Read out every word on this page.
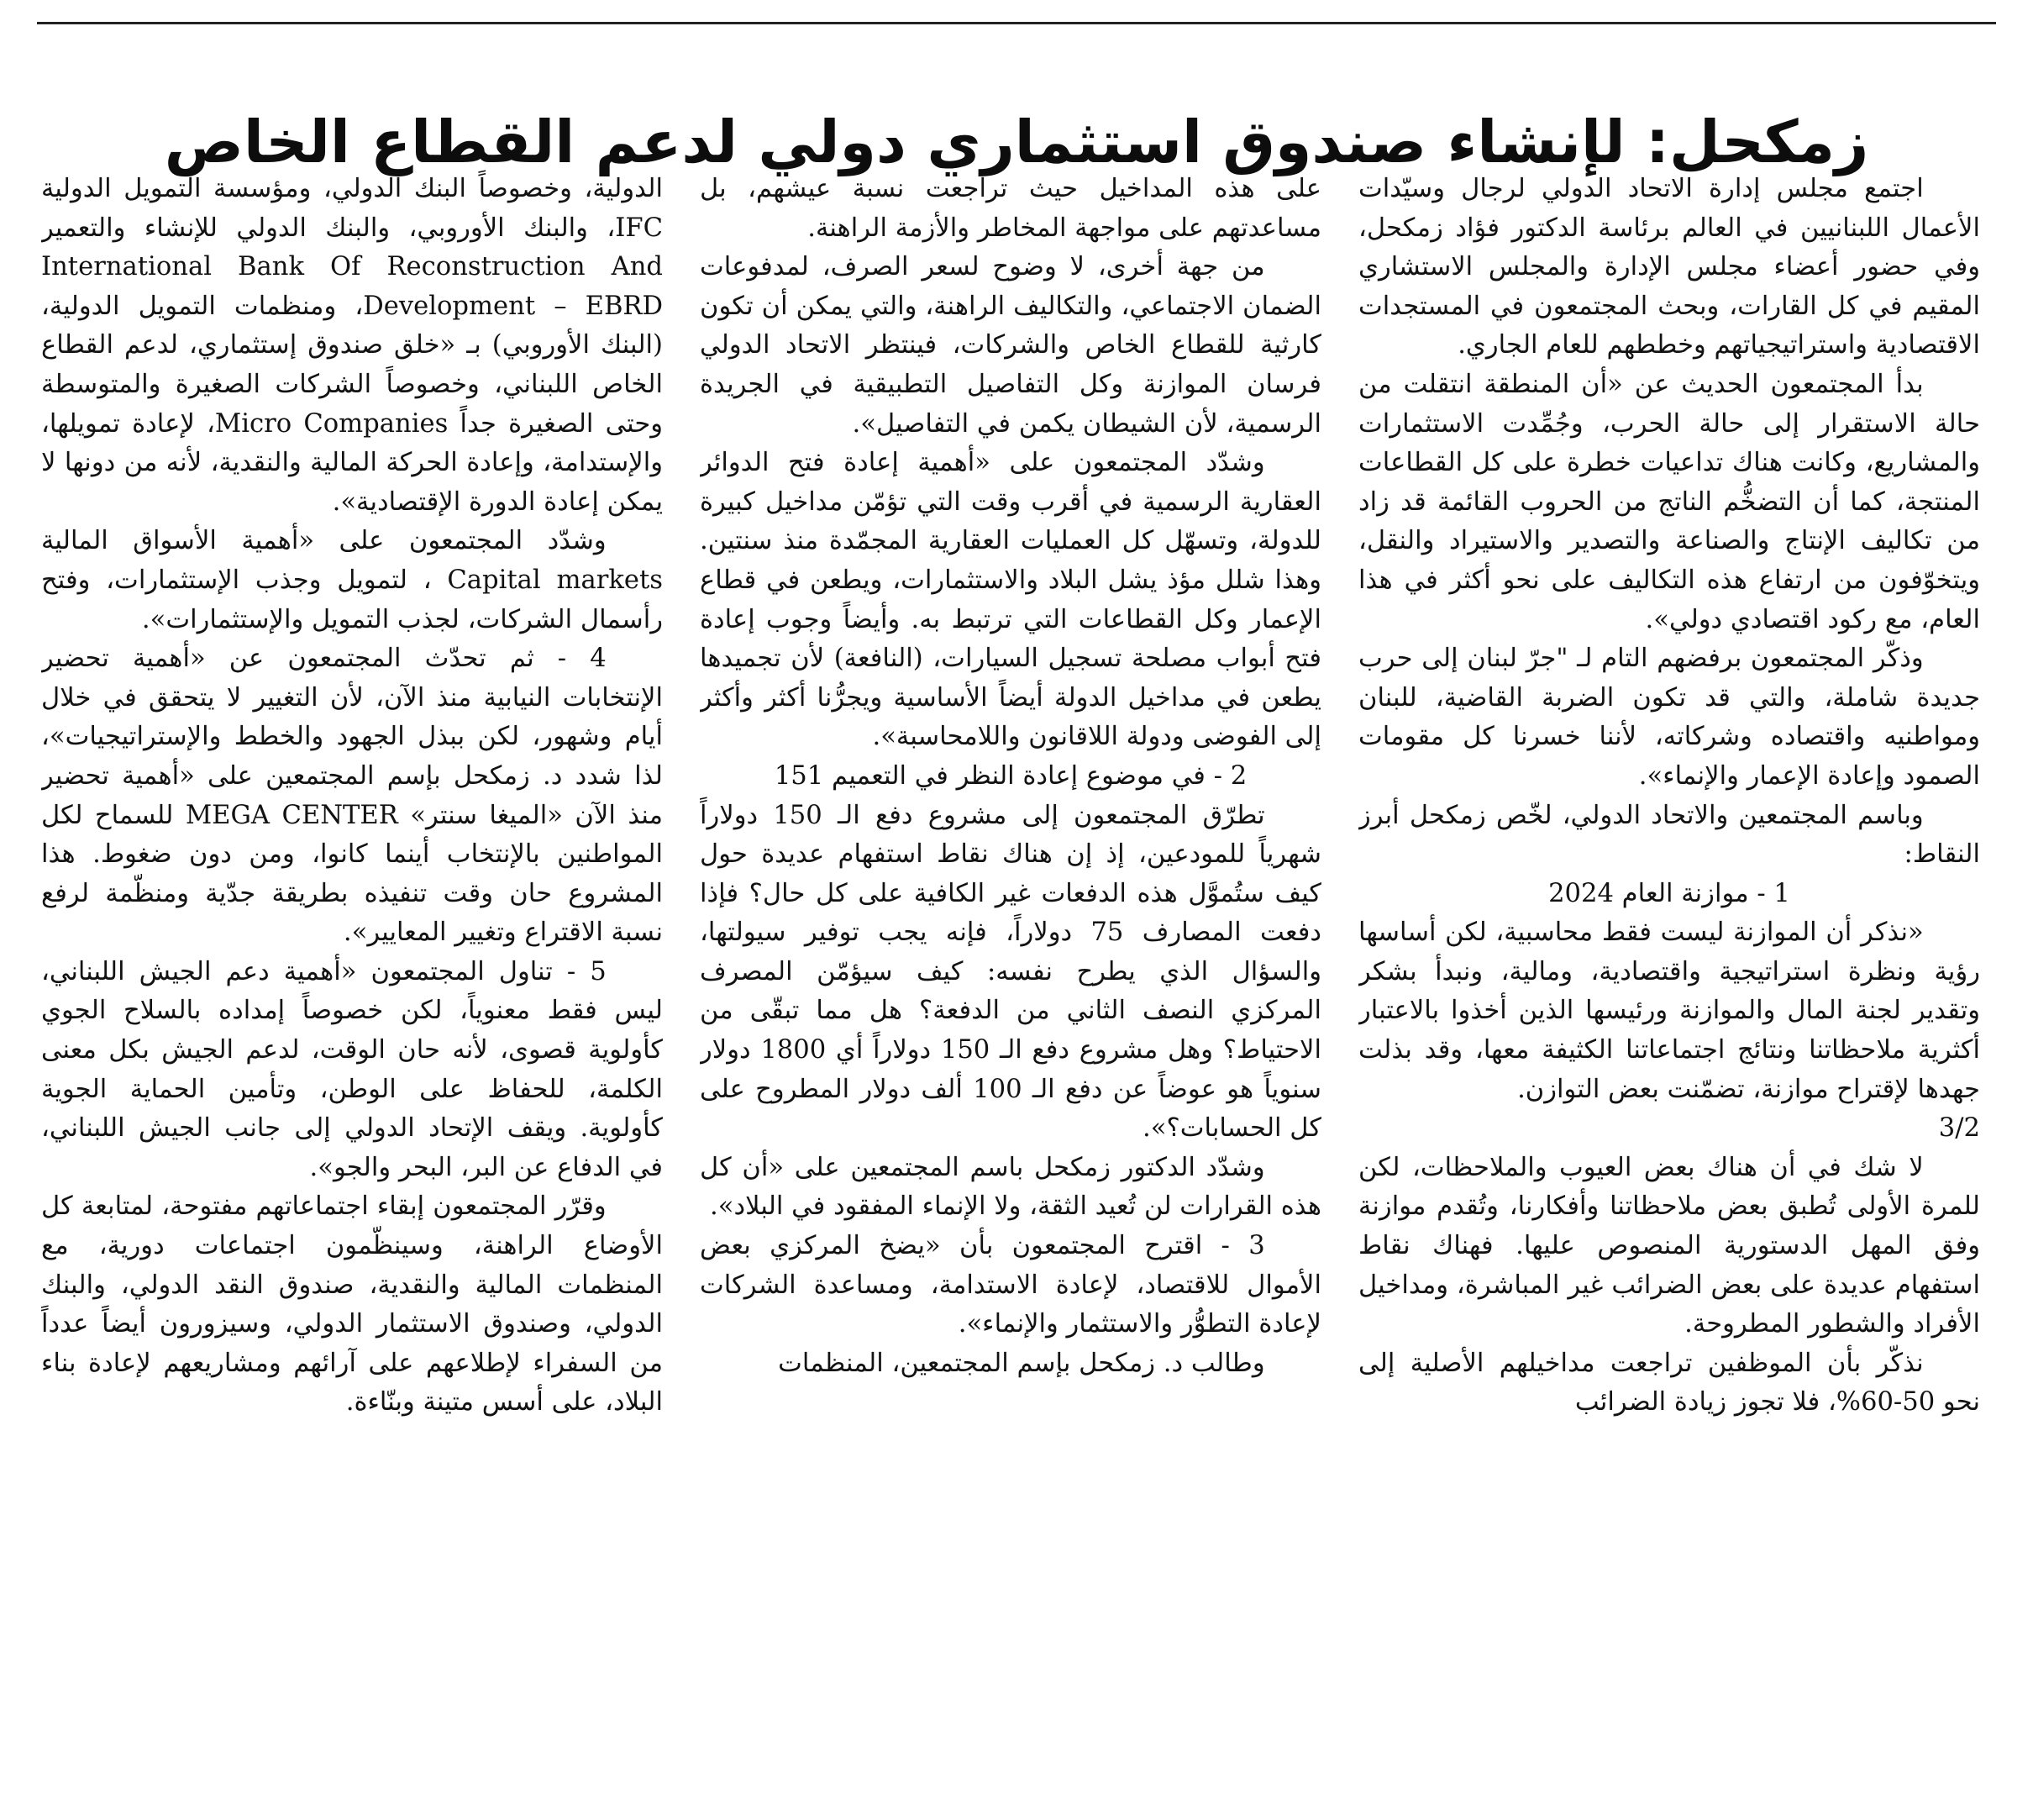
زمكحل: لإنشاء صندوق استثماري دولي لدعم القطاع الخاص

اجتمع مجلس إدارة الاتحاد الدولي لرجال وسيّدات الأعمال اللبنانيين في العالم برئاسة الدكتور فؤاد زمكحل، وفي حضور أعضاء مجلس الإدارة والمجلس الاستشاري المقيم في كل القارات، وبحث المجتمعون في المستجدات الاقتصادية واستراتيجياتهم وخططهم للعام الجاري.

بدأ المجتمعون الحديث عن «أن المنطقة انتقلت من حالة الاستقرار إلى حالة الحرب، وجُمِّدت الاستثمارات والمشاريع، وكانت هناك تداعيات خطرة على كل القطاعات المنتجة، كما أن التضخُّم الناتج من الحروب القائمة قد زاد من تكاليف الإنتاج والصناعة والتصدير والاستيراد والنقل، ويتخوّفون من ارتفاع هذه التكاليف على نحو أكثر في هذا العام، مع ركود اقتصادي دولي».

وذكّر المجتمعون برفضهم التام لـ "جرّ لبنان إلى حرب جديدة شاملة، والتي قد تكون الضربة القاضية، للبنان ومواطنيه واقتصاده وشركاته، لأننا خسرنا كل مقومات الصمود وإعادة الإعمار والإنماء».

وباسم المجتمعين والاتحاد الدولي، لخّص زمكحل أبرز النقاط:

1 - موازنة العام 2024

«نذكر أن الموازنة ليست فقط محاسبية، لكن أساسها رؤية ونظرة استراتيجية واقتصادية، ومالية، ونبدأ بشكر وتقدير لجنة المال والموازنة ورئيسها الذين أخذوا بالاعتبار أكثرية ملاحظاتنا ونتائج اجتماعاتنا الكثيفة معها، وقد بذلت جهدها لإقتراح موازنة، تضمّنت بعض التوازن.

3/2

لا شك في أن هناك بعض العيوب والملاحظات، لكن للمرة الأولى تُطبق بعض ملاحظاتنا وأفكارنا، وتُقدم موازنة وفق المهل الدستورية المنصوص عليها. فهناك نقاط استفهام عديدة على بعض الضرائب غير المباشرة، ومداخيل الأفراد والشطور المطروحة.

نذكّر بأن الموظفين تراجعت مداخيلهم الأصلية إلى نحو 50-60%، فلا تجوز زيادة الضرائب

على هذه المداخيل حيث تراجعت نسبة عيشهم، بل مساعدتهم على مواجهة المخاطر والأزمة الراهنة.

من جهة أخرى، لا وضوح لسعر الصرف، لمدفوعات الضمان الاجتماعي، والتكاليف الراهنة، والتي يمكن أن تكون كارثية للقطاع الخاص والشركات، فينتظر الاتحاد الدولي فرسان الموازنة وكل التفاصيل التطبيقية في الجريدة الرسمية، لأن الشيطان يكمن في التفاصيل».

وشدّد المجتمعون على «أهمية إعادة فتح الدوائر العقارية الرسمية في أقرب وقت التي تؤمّن مداخيل كبيرة للدولة، وتسهّل كل العمليات العقارية المجمّدة منذ سنتين. وهذا شلل مؤذ يشل البلاد والاستثمارات، ويطعن في قطاع الإعمار وكل القطاعات التي ترتبط به. وأيضاً وجوب إعادة فتح أبواب مصلحة تسجيل السيارات، (النافعة) لأن تجميدها يطعن في مداخيل الدولة أيضاً الأساسية ويجرُّنا أكثر وأكثر إلى الفوضى ودولة اللاقانون واللامحاسبة».

2 - في موضوع إعادة النظر في التعميم 151

تطرّق المجتمعون إلى مشروع دفع الـ 150 دولاراً شهرياً للمودعين، إذ إن هناك نقاط استفهام عديدة حول كيف ستُموَّل هذه الدفعات غير الكافية على كل حال؟ فإذا دفعت المصارف 75 دولاراً، فإنه يجب توفير سيولتها، والسؤال الذي يطرح نفسه: كيف سيؤمّن المصرف المركزي النصف الثاني من الدفعة؟ هل مما تبقّى من الاحتياط؟ وهل مشروع دفع الـ 150 دولاراً أي 1800 دولار سنوياً هو عوضاً عن دفع الـ 100 ألف دولار المطروح على كل الحسابات؟».

وشدّد الدكتور زمكحل باسم المجتمعين على «أن كل هذه القرارات لن تُعيد الثقة، ولا الإنماء المفقود في البلاد».

3 - اقترح المجتمعون بأن «يضخ المركزي بعض الأموال للاقتصاد، لإعادة الاستدامة، ومساعدة الشركات لإعادة التطوُّر والاستثمار والإنماء».

وطالب د. زمكحل بإسم المجتمعين، المنظمات

الدولية، وخصوصاً البنك الدولي، ومؤسسة التمويل الدولية IFC، والبنك الأوروبي، والبنك الدولي للإنشاء والتعمير International Bank Of Reconstruction And Development – EBRD، ومنظمات التمويل الدولية، (البنك الأوروبي) بـ «خلق صندوق إستثماري، لدعم القطاع الخاص اللبناني، وخصوصاً الشركات الصغيرة والمتوسطة وحتى الصغيرة جداً Micro Companies، لإعادة تمويلها، والإستدامة، وإعادة الحركة المالية والنقدية، لأنه من دونها لا يمكن إعادة الدورة الإقتصادية».

وشدّد المجتمعون على «أهمية الأسواق المالية Capital markets ، لتمويل وجذب الإستثمارات، وفتح رأسمال الشركات، لجذب التمويل والإستثمارات».

4 - ثم تحدّث المجتمعون عن «أهمية تحضير الإنتخابات النيابية منذ الآن، لأن التغيير لا يتحقق في خلال أيام وشهور، لكن ببذل الجهود والخطط والإستراتيجيات»، لذا شدد د. زمكحل بإسم المجتمعين على «أهمية تحضير منذ الآن «الميغا سنتر» MEGA CENTER للسماح لكل المواطنين بالإنتخاب أينما كانوا، ومن دون ضغوط. هذا المشروع حان وقت تنفيذه بطريقة جدّية ومنظّمة لرفع نسبة الاقتراع وتغيير المعايير».

5 - تناول المجتمعون «أهمية دعم الجيش اللبناني، ليس فقط معنوياً، لكن خصوصاً إمداده بالسلاح الجوي كأولوية قصوى، لأنه حان الوقت، لدعم الجيش بكل معنى الكلمة، للحفاظ على الوطن، وتأمين الحماية الجوية كأولوية. ويقف الإتحاد الدولي إلى جانب الجيش اللبناني، في الدفاع عن البر، البحر والجو».

وقرّر المجتمعون إبقاء اجتماعاتهم مفتوحة، لمتابعة كل الأوضاع الراهنة، وسينظّمون اجتماعات دورية، مع المنظمات المالية والنقدية، صندوق النقد الدولي، والبنك الدولي، وصندوق الاستثمار الدولي، وسيزورون أيضاً عدداً من السفراء لإطلاعهم على آرائهم ومشاريعهم لإعادة بناء البلاد، على أسس متينة وبنّاءة.
